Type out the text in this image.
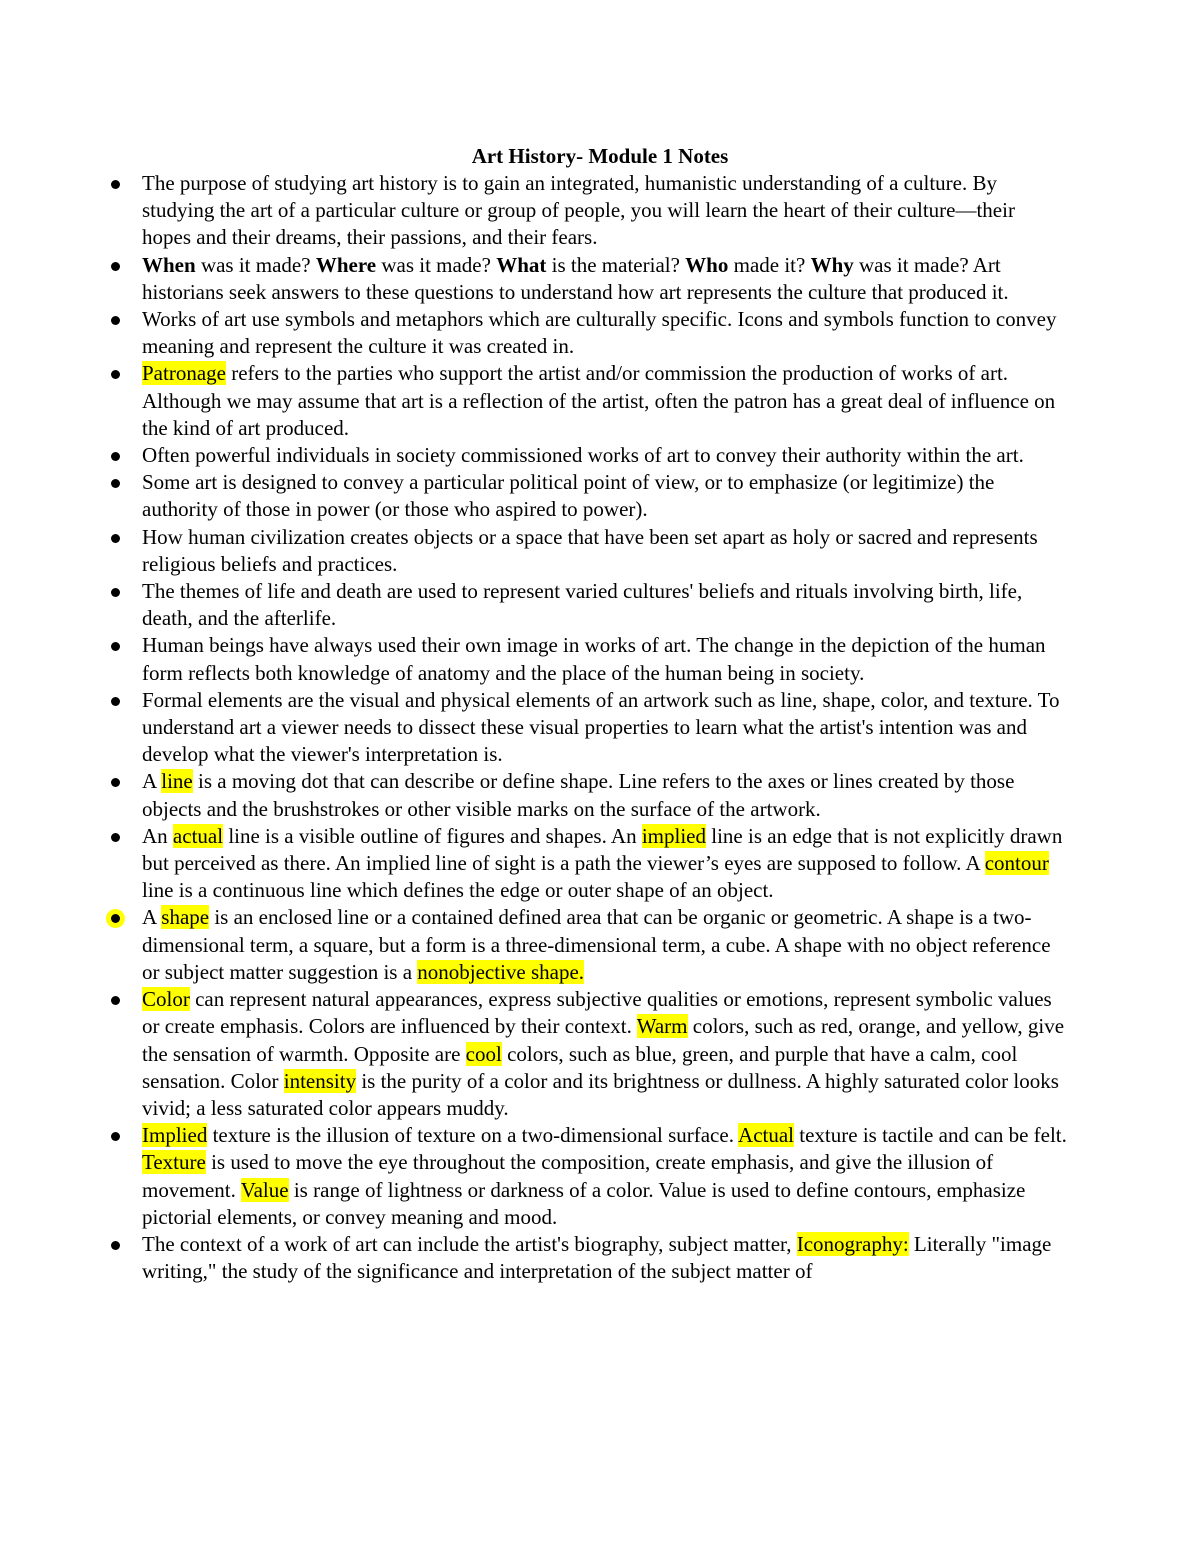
Art History- Module 1 Notes
The purpose of studying art history is to gain an integrated, humanistic understanding of a culture. By studying the art of a particular culture or group of people, you will learn the heart of their culture—their hopes and their dreams, their passions, and their fears.
When was it made? Where was it made? What is the material? Who made it? Why was it made? Art historians seek answers to these questions to understand how art represents the culture that produced it.
Works of art use symbols and metaphors which are culturally specific. Icons and symbols function to convey meaning and represent the culture it was created in.
Patronage refers to the parties who support the artist and/or commission the production of works of art. Although we may assume that art is a reflection of the artist, often the patron has a great deal of influence on the kind of art produced.
Often powerful individuals in society commissioned works of art to convey their authority within the art.
Some art is designed to convey a particular political point of view, or to emphasize (or legitimize) the authority of those in power (or those who aspired to power).
How human civilization creates objects or a space that have been set apart as holy or sacred and represents religious beliefs and practices.
The themes of life and death are used to represent varied cultures' beliefs and rituals involving birth, life, death, and the afterlife.
Human beings have always used their own image in works of art. The change in the depiction of the human form reflects both knowledge of anatomy and the place of the human being in society.
Formal elements are the visual and physical elements of an artwork such as line, shape, color, and texture. To understand art a viewer needs to dissect these visual properties to learn what the artist's intention was and develop what the viewer's interpretation is.
A line is a moving dot that can describe or define shape. Line refers to the axes or lines created by those objects and the brushstrokes or other visible marks on the surface of the artwork.
An actual line is a visible outline of figures and shapes. An implied line is an edge that is not explicitly drawn but perceived as there. An implied line of sight is a path the viewer’s eyes are supposed to follow. A contour line is a continuous line which defines the edge or outer shape of an object.
A shape is an enclosed line or a contained defined area that can be organic or geometric. A shape is a two-dimensional term, a square, but a form is a three-dimensional term, a cube. A shape with no object reference or subject matter suggestion is a nonobjective shape.
Color can represent natural appearances, express subjective qualities or emotions, represent symbolic values or create emphasis. Colors are influenced by their context. Warm colors, such as red, orange, and yellow, give the sensation of warmth. Opposite are cool colors, such as blue, green, and purple that have a calm, cool sensation. Color intensity is the purity of a color and its brightness or dullness. A highly saturated color looks vivid; a less saturated color appears muddy.
Implied texture is the illusion of texture on a two-dimensional surface. Actual texture is tactile and can be felt. Texture is used to move the eye throughout the composition, create emphasis, and give the illusion of movement. Value is range of lightness or darkness of a color. Value is used to define contours, emphasize pictorial elements, or convey meaning and mood.
The context of a work of art can include the artist's biography, subject matter, Iconography: Literally "image writing," the study of the significance and interpretation of the subject matter of
